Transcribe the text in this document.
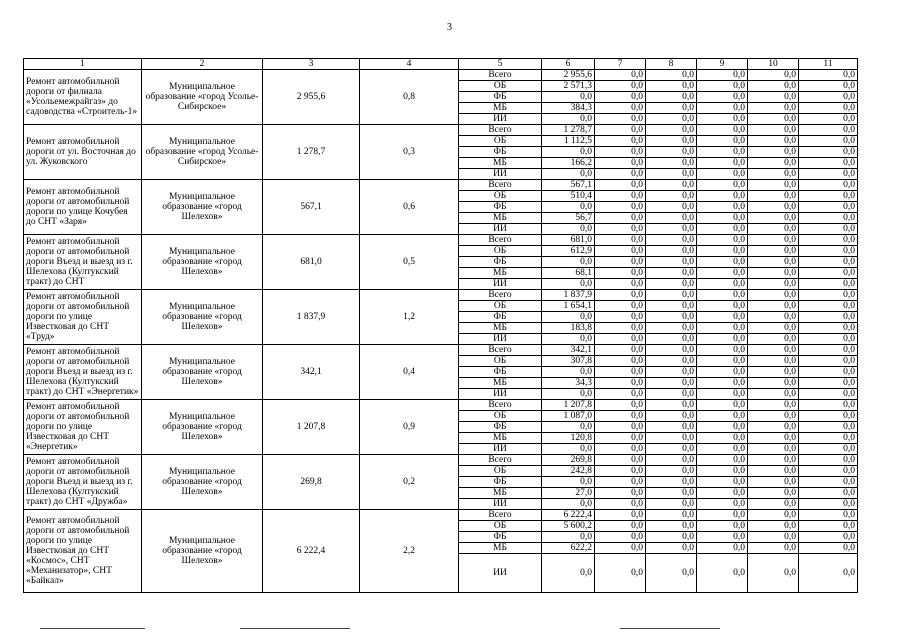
3
1	2	3	4	5	6	7	8	9	10	11
Ремонт автомобильной дороги от филиала «Усольемежрайгаз» до садоводства «Строитель-1»	Муниципальное образование «город Усолье-Сибирское»	2 955,6	0,8	Всего	2 955,6	0,0	0,0	0,0	0,0	0,0
				ОБ	2 571,3	0,0	0,0	0,0	0,0	0,0
				ФБ	0,0	0,0	0,0	0,0	0,0	0,0
				МБ	384,3	0,0	0,0	0,0	0,0	0,0
				ИИ	0,0	0,0	0,0	0,0	0,0	0,0
Ремонт автомобильной дороги от ул. Восточная до ул. Жуковского	Муниципальное образование «город Усолье-Сибирское»	1 278,7	0,3	Всего	1 278,7	0,0	0,0	0,0	0,0	0,0
				ОБ	1 112,5	0,0	0,0	0,0	0,0	0,0
				ФБ	0,0	0,0	0,0	0,0	0,0	0,0
				МБ	166,2	0,0	0,0	0,0	0,0	0,0
				ИИ	0,0	0,0	0,0	0,0	0,0	0,0
Ремонт автомобильной дороги от автомобильной дороги по улице Кочубея до СНТ «Заря»	Муниципальное образование «город Шелехов»	567,1	0,6	Всего	567,1	0,0	0,0	0,0	0,0	0,0
				ОБ	510,4	0,0	0,0	0,0	0,0	0,0
				ФБ	0,0	0,0	0,0	0,0	0,0	0,0
				МБ	56,7	0,0	0,0	0,0	0,0	0,0
				ИИ	0,0	0,0	0,0	0,0	0,0	0,0
Ремонт автомобильной дороги от автомобильной дороги Въезд и выезд из г. Шелехова (Култукский тракт) до СНТ	Муниципальное образование «город Шелехов»	681,0	0,5	Всего	681,0	0,0	0,0	0,0	0,0	0,0
				ОБ	612,9	0,0	0,0	0,0	0,0	0,0
				ФБ	0,0	0,0	0,0	0,0	0,0	0,0
				МБ	68,1	0,0	0,0	0,0	0,0	0,0
				ИИ	0,0	0,0	0,0	0,0	0,0	0,0
Ремонт автомобильной дороги от автомобильной дороги по улице Известковая до СНТ «Труд»	Муниципальное образование «город Шелехов»	1 837,9	1,2	Всего	1 837,9	0,0	0,0	0,0	0,0	0,0
				ОБ	1 654,1	0,0	0,0	0,0	0,0	0,0
				ФБ	0,0	0,0	0,0	0,0	0,0	0,0
				МБ	183,8	0,0	0,0	0,0	0,0	0,0
				ИИ	0,0	0,0	0,0	0,0	0,0	0,0
Ремонт автомобильной дороги от автомобильной дороги Въезд и выезд из г. Шелехова (Култукский тракт) до СНТ «Энергетик»	Муниципальное образование «город Шелехов»	342,1	0,4	Всего	342,1	0,0	0,0	0,0	0,0	0,0
				ОБ	307,8	0,0	0,0	0,0	0,0	0,0
				ФБ	0,0	0,0	0,0	0,0	0,0	0,0
				МБ	34,3	0,0	0,0	0,0	0,0	0,0
				ИИ	0,0	0,0	0,0	0,0	0,0	0,0
Ремонт автомобильной дороги от автомобильной дороги по улице Известковая до СНТ «Энергетик»	Муниципальное образование «город Шелехов»	1 207,8	0,9	Всего	1 207,8	0,0	0,0	0,0	0,0	0,0
				ОБ	1 087,0	0,0	0,0	0,0	0,0	0,0
				ФБ	0,0	0,0	0,0	0,0	0,0	0,0
				МБ	120,8	0,0	0,0	0,0	0,0	0,0
				ИИ	0,0	0,0	0,0	0,0	0,0	0,0
Ремонт автомобильной дороги от автомобильной дороги Въезд и выезд из г. Шелехова (Култукский тракт) до СНТ «Дружба»	Муниципальное образование «город Шелехов»	269,8	0,2	Всего	269,8	0,0	0,0	0,0	0,0	0,0
				ОБ	242,8	0,0	0,0	0,0	0,0	0,0
				ФБ	0,0	0,0	0,0	0,0	0,0	0,0
				МБ	27,0	0,0	0,0	0,0	0,0	0,0
				ИИ	0,0	0,0	0,0	0,0	0,0	0,0
Ремонт автомобильной дороги от автомобильной дороги по улице Известковая до СНТ «Космос», СНТ «Механизатор», СНТ «Байкал»	Муниципальное образование «город Шелехов»	6 222,4	2,2	Всего	6 222,4	0,0	0,0	0,0	0,0	0,0
				ОБ	5 600,2	0,0	0,0	0,0	0,0	0,0
				ФБ	0,0	0,0	0,0	0,0	0,0	0,0
				МБ	622,2	0,0	0,0	0,0	0,0	0,0
				ИИ	0,0	0,0	0,0	0,0	0,0	0,0
